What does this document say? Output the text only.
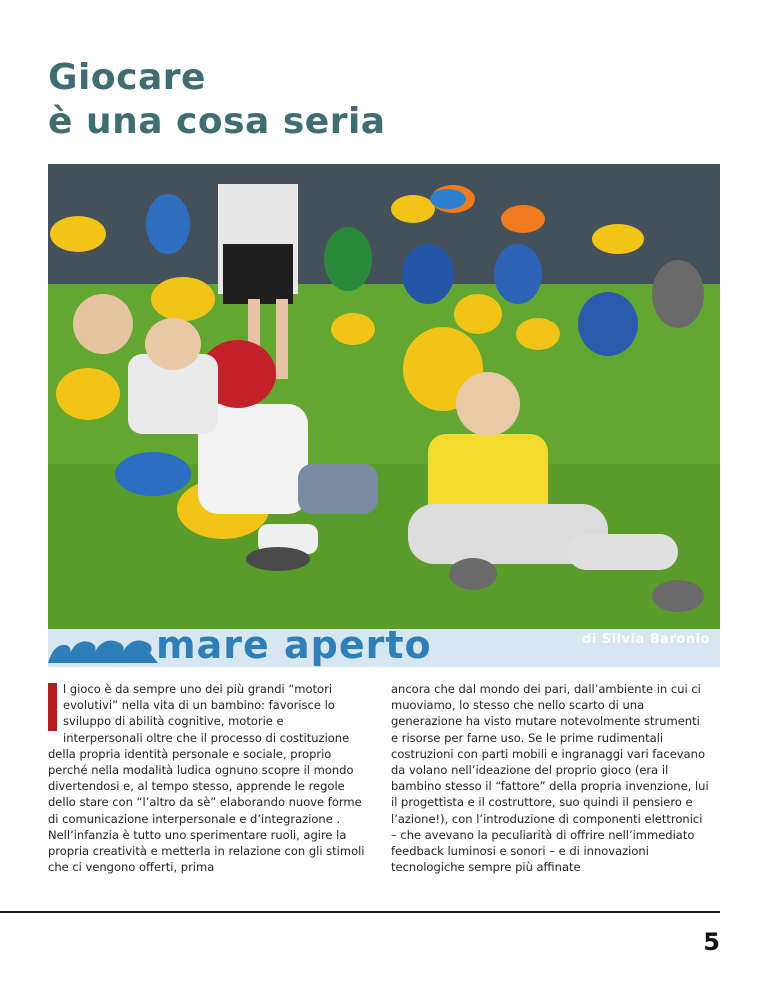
Giocare
è una cosa seria
mare aperto	di Silvia Baronio

l gioco è da sempre uno dei più grandi “motori evolutivi” nella vita di un bambino: favorisce lo sviluppo di abilità cognitive, motorie e interpersonali oltre che il processo di costituzione della propria identità personale e sociale, proprio perché nella modalità ludica ognuno scopre il mondo divertendosi e, al tempo stesso, apprende le regole dello stare con “l’altro da sè” elaborando nuove forme di comunicazione interpersonale e d’integrazione .

Nell’infanzia è tutto uno sperimentare ruoli, agire la propria creatività e metterla in relazione con gli stimoli che ci vengono offerti, prima

ancora che dal mondo dei pari, dall’ambiente in cui ci muoviamo, lo stesso che nello scarto di una generazione ha visto mutare notevolmente strumenti e risorse per farne uso. Se le prime rudimentali costruzioni con parti mobili e ingranaggi vari facevano da volano nell’ideazione del proprio gioco (era il bambino stesso il “fattore” della propria invenzione, lui il progettista e il costruttore, suo quindi il pensiero e l’azione!), con l’introduzione di componenti elettronici – che avevano la peculiarità di offrire nell’immediato feedback luminosi e sonori – e di innovazioni tecnologiche sempre più affinate

5
